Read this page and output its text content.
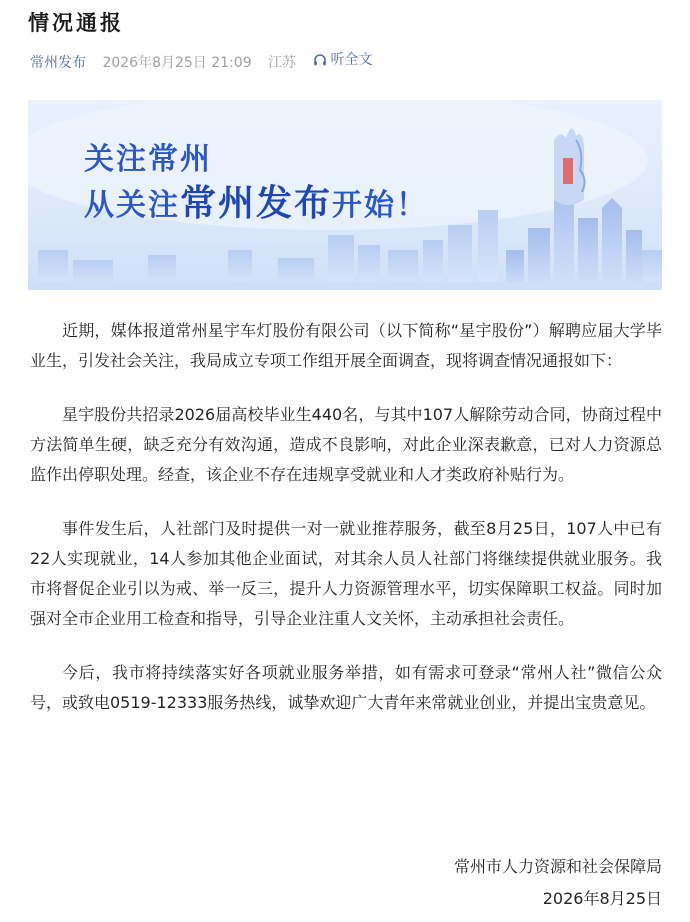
情况通报
常州发布 2026年8月25日 21:09 江苏 听全文
关注常州
从关注常州发布开始！

近期，媒体报道常州星宇车灯股份有限公司（以下简称“星宇股份”）解聘应届大学毕业生，引发社会关注，我局成立专项工作组开展全面调查，现将调查情况通报如下：

星宇股份共招录2026届高校毕业生440名，与其中107人解除劳动合同，协商过程中方法简单生硬，缺乏充分有效沟通，造成不良影响，对此企业深表歉意，已对人力资源总监作出停职处理。经查，该企业不存在违规享受就业和人才类政府补贴行为。

事件发生后，人社部门及时提供一对一就业推荐服务，截至8月25日，107人中已有22人实现就业，14人参加其他企业面试，对其余人员人社部门将继续提供就业服务。我市将督促企业引以为戒、举一反三，提升人力资源管理水平，切实保障职工权益。同时加强对全市企业用工检查和指导，引导企业注重人文关怀，主动承担社会责任。

今后，我市将持续落实好各项就业服务举措，如有需求可登录“常州人社”微信公众号，或致电0519-12333服务热线，诚挚欢迎广大青年来常就业创业，并提出宝贵意见。

常州市人力资源和社会保障局
2026年8月25日
